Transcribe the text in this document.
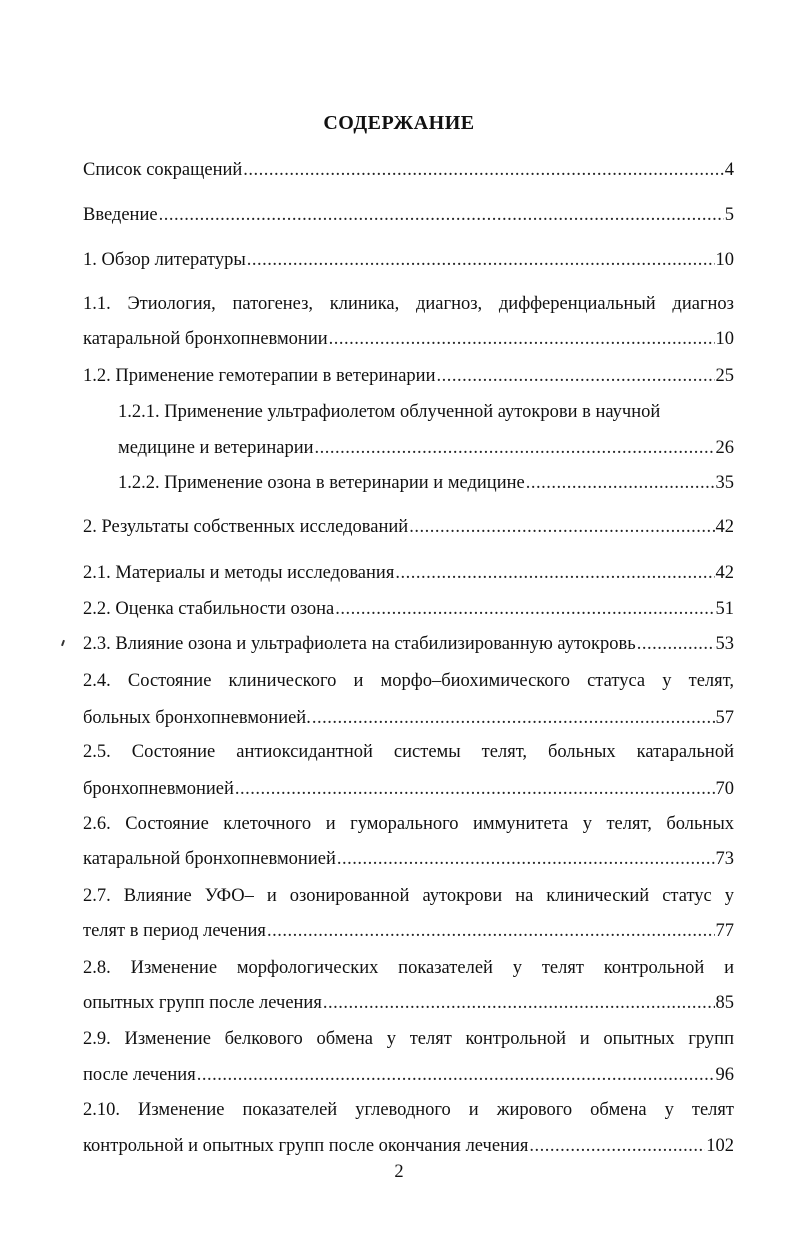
СОДЕРЖАНИЕ
Список сокращений .....	4
Введение .....	5
1. Обзор литературы .....	10
1.1. Этиология, патогенез, клиника, диагноз, дифференциальный диагноз
катаральной бронхопневмонии .....	10
1.2. Применение гемотерапии в ветеринарии .....	25
1.2.1. Применение ультрафиолетом облученной аутокрови в научной
медицине и ветеринарии .....	26
1.2.2. Применение озона в ветеринарии и медицине .....	35
2. Результаты собственных исследований .....	42
2.1. Материалы и методы исследования .....	42
2.2. Оценка стабильности озона .....	51
2.3. Влияние озона и ультрафиолета на стабилизированную аутокровь .....	53
2.4. Состояние клинического и морфо–биохимического статуса у телят,
больных бронхопневмонией. .....	57
2.5. Состояние антиоксидантной системы телят, больных катаральной
бронхопневмонией .....	70
2.6. Состояние клеточного и гуморального иммунитета у телят, больных
катаральной бронхопневмонией .....	73
2.7. Влияние УФО– и озонированной аутокрови на клинический статус у
телят в период лечения .....	77
2.8. Изменение морфологических показателей у телят контрольной и
опытных групп после лечения .....	85
2.9. Изменение белкового обмена у телят контрольной и опытных групп
после лечения .....	96
2.10. Изменение показателей углеводного и жирового обмена у телят
контрольной и опытных групп после окончания лечения .....	102
2
